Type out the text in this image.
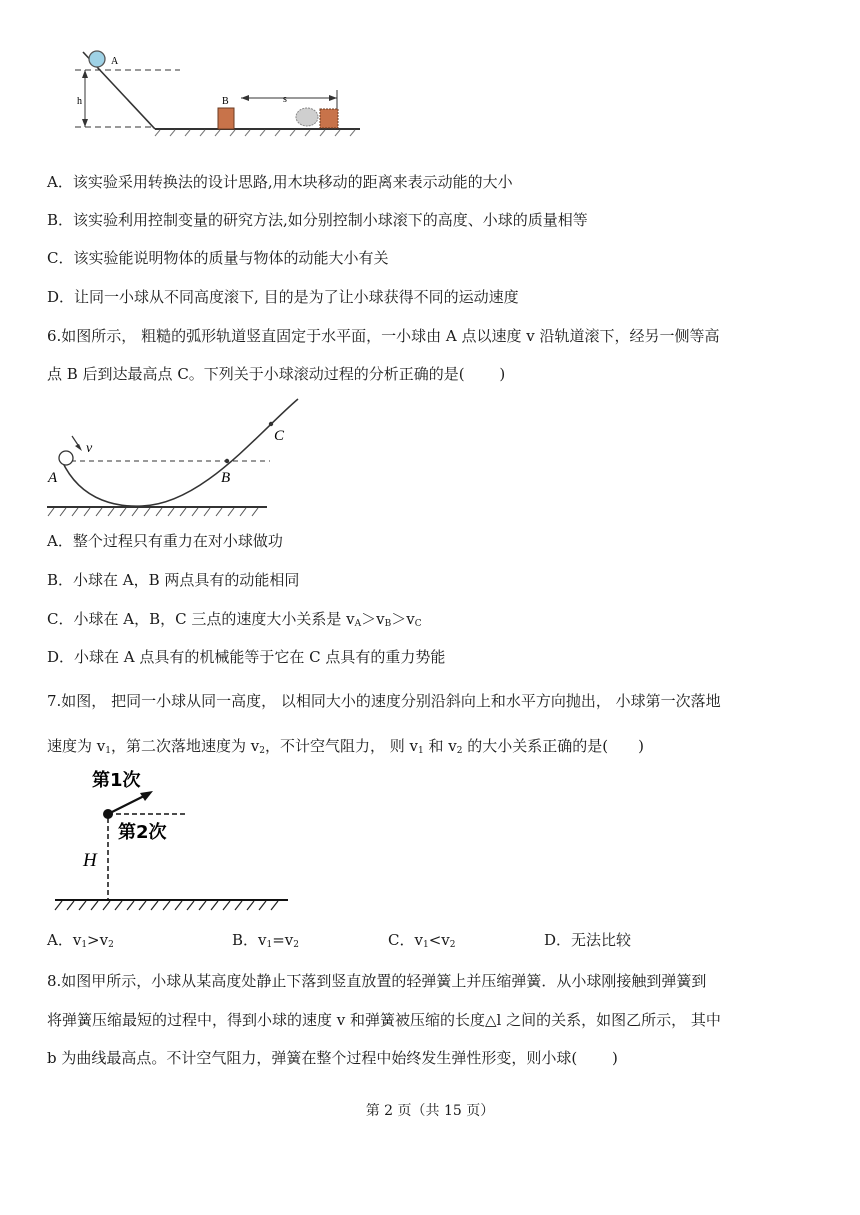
A
h	B	s
A．该实验采用转换法的设计思路,用木块移动的距离来表示动能的大小
B．该实验利用控制变量的研究方法,如分别控制小球滚下的高度、小球的质量相等
C．该实验能说明物体的质量与物体的动能大小有关
D．让同一小球从不同高度滚下, 目的是为了让小球获得不同的运动速度
6.如图所示， 粗糙的弧形轨道竖直固定于水平面，一小球由 A 点以速度 v 沿轨道滚下，经另一侧等高
点 B 后到达最高点 C。下列关于小球滚动过程的分析正确的是(　　 )
v
A	B
C
A．整个过程只有重力在对小球做功
B．小球在 A，B 两点具有的动能相同
C．小球在 A，B，C 三点的速度大小关系是 $v_A>v_B>v_C$
D．小球在 A 点具有的机械能等于它在 C 点具有的重力势能
7.如图， 把同一小球从同一高度， 以相同大小的速度分别沿斜向上和水平方向抛出， 小球第一次落地
速度为 $v_1$，第二次落地速度为 $v_2$，不计空气阻力， 则 $v_1$ 和 $v_2$ 的大小关系正确的是(　　)
第1次
第2次
H
A．$v_1>v_2$	B．$v_1=v_2$	C．$v_1<v_2$	D．无法比较
8.如图甲所示，小球从某高度处静止下落到竖直放置的轻弹簧上并压缩弹簧．从小球刚接触到弹簧到
将弹簧压缩最短的过程中，得到小球的速度 v 和弹簧被压缩的长度△l 之间的关系，如图乙所示， 其中
b 为曲线最高点。不计空气阻力，弹簧在整个过程中始终发生弹性形变，则小球(　　 )
第 2 页（共 15 页）
